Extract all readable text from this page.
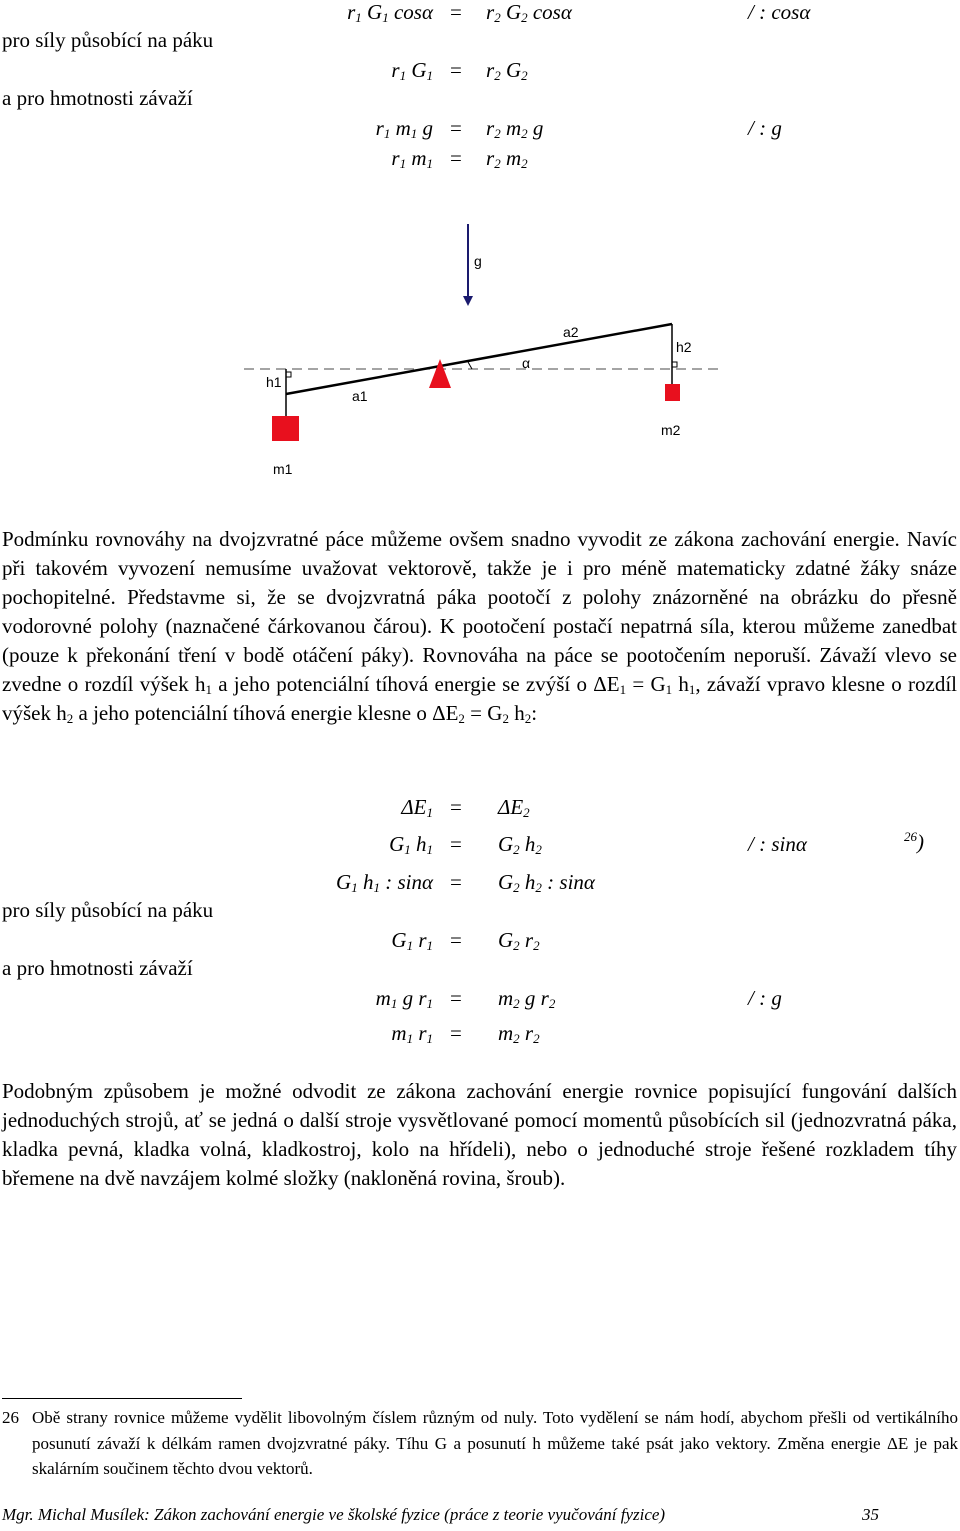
pro síly působící na páku
a pro hmotnosti závaží
$r_1$ $G_1$ $\cos\alpha = r_2$ $G_2$ cosα	/ : cosα
$r_1$ $G_1 = r_2$ $G_2$
$r_1$ $m_1$ $g = r_2$ $m_2$ g	/ : g
$r_1$ $m_1 = r_2$ $m_2$
g
a2
h2
α
h1
a1
m1
m2

Podmínku rovnováhy na dvojzvratné páce můžeme ovšem snadno vyvodit ze zákona zachování energie. Navíc při takovém vyvození nemusíme uvažovat vektorově, takže je i pro méně matematicky zdatné žáky snáze pochopitelné. Představme si, že se dvojzvratná páka pootočí z polohy znázorněné na obrázku do přesně vodorovné polohy (naznačené čárkovanou čárou). K pootočení postačí nepatrná síla, kterou můžeme zanedbat (pouze k překonání tření v bodě otáčení páky). Rovnováha na páce se pootočením neporuší. Závaží vlevo se zvedne o rozdíl výšek $h_1$ a jeho potenciální tíhová energie se zvýší o $\Delta E_1 = G_1$ $h_1$, závaží vpravo klesne o rozdíl výšek $h_2$ a jeho potenciální tíhová energie klesne o $\Delta E_2 = G_2$ $h_2$:

pro síly působící na páku
a pro hmotnosti závaží
$\Delta E_1 = \Delta E_2$
$G_1$ $h_1 = G_2$ $h_2$	/ : sinα
$G_1$ $h_1$ : $\sin\alpha = G_2$ $h_2$ : sinα
$G_1$ $r_1 = G_2$ $r_2$
$m_1$ g $r_1 = m_2$ g $r_2$	/ : g
$m_1$ $r_1 = m_2$ $r_2$
$^{26}$)

Podobným způsobem je možné odvodit ze zákona zachování energie rovnice popisující fungování dalších jednoduchých strojů, ať se jedná o další stroje vysvětlované pomocí momentů působících sil (jednozvratná páka, kladka pevná, kladka volná, kladkostroj, kolo na hřídeli), nebo o jednoduché stroje řešené rozkladem tíhy břemene na dvě navzájem kolmé složky (nakloněná rovina, šroub).

26 Obě strany rovnice můžeme vydělit libovolným číslem různým od nuly. Toto vydělení se nám hodí, abychom přešli od vertikálního posunutí závaží k délkám ramen dvojzvratné páky. Tíhu G a posunutí h můžeme také psát jako vektory. Změna energie ΔE je pak skalárním součinem těchto dvou vektorů.
Mgr. Michal Musílek: Zákon zachování energie ve školské fyzice (práce z teorie vyučování fyzice)	35
